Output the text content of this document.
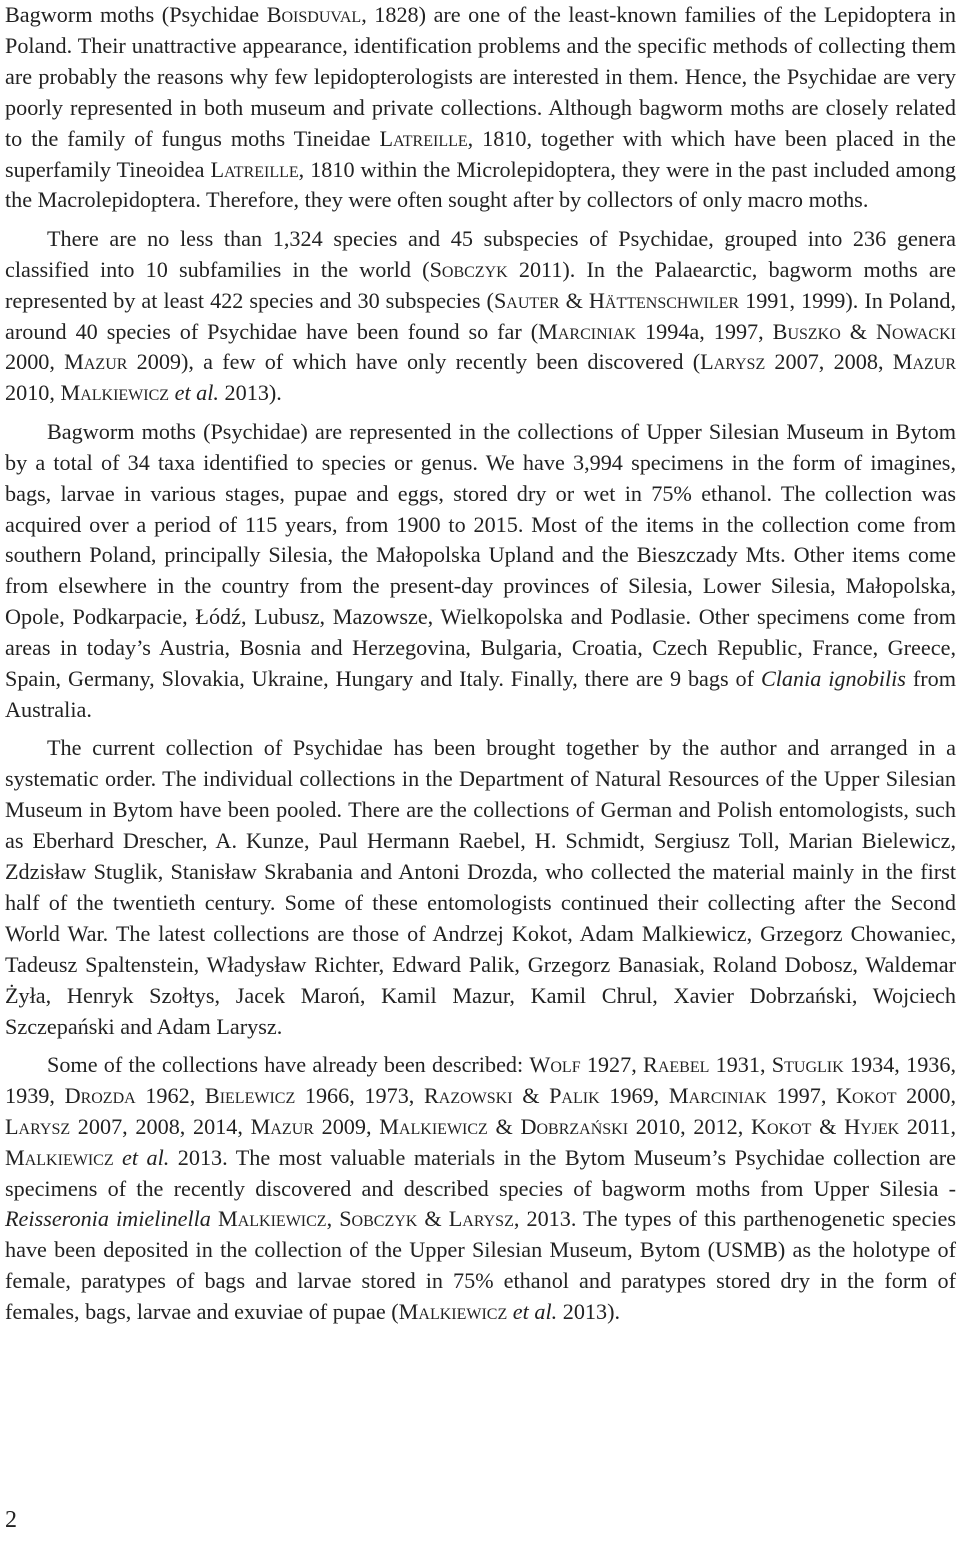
Bagworm moths (Psychidae Boisduval, 1828) are one of the least-known families of the Lepidoptera in Poland. Their unattractive appearance, identification problems and the specific methods of collecting them are probably the reasons why few lepidopterologists are interested in them. Hence, the Psychidae are very poorly represented in both museum and private collections. Although bagworm moths are closely related to the family of fungus moths Tineidae Latreille, 1810, together with which have been placed in the superfamily Tineoidea Latreille, 1810 within the Microlepidoptera, they were in the past included among the Macrolepidoptera. Therefore, they were often sought after by collectors of only macro moths.

There are no less than 1,324 species and 45 subspecies of Psychidae, grouped into 236 genera classified into 10 subfamilies in the world (Sobczyk 2011). In the Palaearctic, bagworm moths are represented by at least 422 species and 30 subspecies (Sauter & Hättenschwiler 1991, 1999). In Poland, around 40 species of Psychidae have been found so far (Marciniak 1994a, 1997, Buszko & Nowacki 2000, Mazur 2009), a few of which have only recently been discovered (Larysz 2007, 2008, Mazur 2010, Malkiewicz et al. 2013).

Bagworm moths (Psychidae) are represented in the collections of Upper Silesian Museum in Bytom by a total of 34 taxa identified to species or genus. We have 3,994 specimens in the form of imagines, bags, larvae in various stages, pupae and eggs, stored dry or wet in 75% ethanol. The collection was acquired over a period of 115 years, from 1900 to 2015. Most of the items in the collection come from southern Poland, principally Silesia, the Małopolska Upland and the Bieszczady Mts. Other items come from elsewhere in the country from the present-day provinces of Silesia, Lower Silesia, Małopolska, Opole, Podkarpacie, Łódź, Lubusz, Mazowsze, Wielkopolska and Podlasie. Other specimens come from areas in today’s Austria, Bosnia and Herzegovina, Bulgaria, Croatia, Czech Republic, France, Greece, Spain, Germany, Slovakia, Ukraine, Hungary and Italy. Finally, there are 9 bags of Clania ignobilis from Australia.

The current collection of Psychidae has been brought together by the author and arranged in a systematic order. The individual collections in the Department of Natural Resources of the Upper Silesian Museum in Bytom have been pooled. There are the collections of German and Polish entomologists, such as Eberhard Drescher, A. Kunze, Paul Hermann Raebel, H. Schmidt, Sergiusz Toll, Marian Bielewicz, Zdzisław Stuglik, Stanisław Skrabania and Antoni Drozda, who collected the material mainly in the first half of the twentieth century. Some of these entomologists continued their collecting after the Second World War. The latest collections are those of Andrzej Kokot, Adam Malkiewicz, Grzegorz Chowaniec, Tadeusz Spaltenstein, Władysław Richter, Edward Palik, Grzegorz Banasiak, Roland Dobosz, Waldemar Żyła, Henryk Szołtys, Jacek Maroń, Kamil Mazur, Kamil Chrul, Xavier Dobrzański, Wojciech Szczepański and Adam Larysz.

Some of the collections have already been described: Wolf 1927, Raebel 1931, Stuglik 1934, 1936, 1939, Drozda 1962, Bielewicz 1966, 1973, Razowski & Palik 1969, Marciniak 1997, Kokot 2000, Larysz 2007, 2008, 2014, Mazur 2009, Malkiewicz & Dobrzański 2010, 2012, Kokot & Hyjek 2011, Malkiewicz et al. 2013. The most valuable materials in the Bytom Museum’s Psychidae collection are specimens of the recently discovered and described species of bagworm moths from Upper Silesia - Reisseronia imielinella Malkiewicz, Sobczyk & Larysz, 2013. The types of this parthenogenetic species have been deposited in the collection of the Upper Silesian Museum, Bytom (USMB) as the holotype of female, paratypes of bags and larvae stored in 75% ethanol and paratypes stored dry in the form of females, bags, larvae and exuviae of pupae (Malkiewicz et al. 2013).

2
